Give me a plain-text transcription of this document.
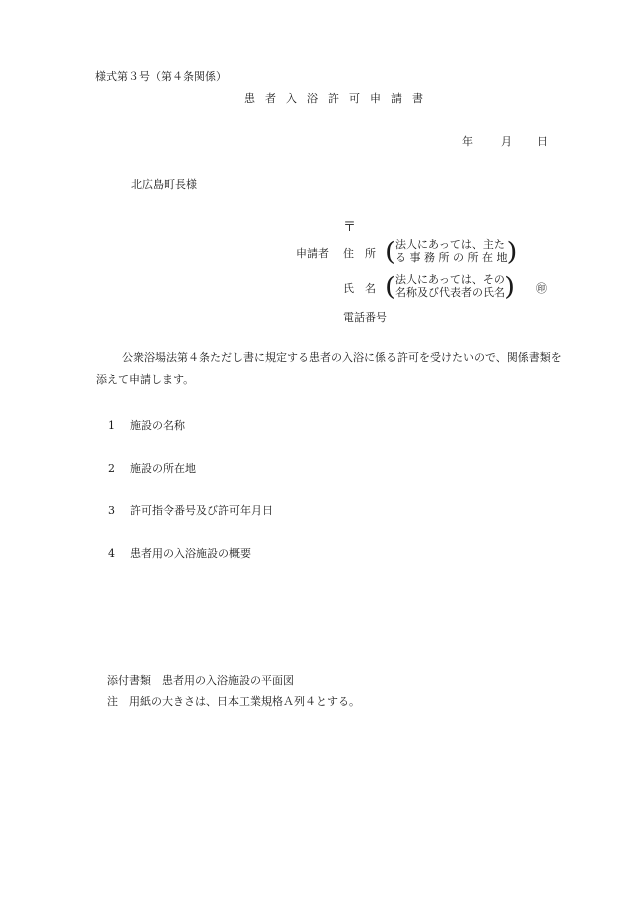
様式第３号（第４条関係）
患者入浴許可申請書
年	月 日
北広島町長様
〒
申請者 住　所 ( 法人にあっては、主た
る 事 務 所 の 所 在 地 )
氏　名 ( 法人にあっては、その
名称及び代表者の氏名 ) ㊞
電話番号
公衆浴場法第４条ただし書に規定する患者の入浴に係る許可を受けたいので、関係書類を添えて申請します。
1 施設の名称
2 施設の所在地
3 許可指令番号及び許可年月日
4 患者用の入浴施設の概要
添付書類　患者用の入浴施設の平面図
注　用紙の大きさは、日本工業規格Ａ列４とする。
